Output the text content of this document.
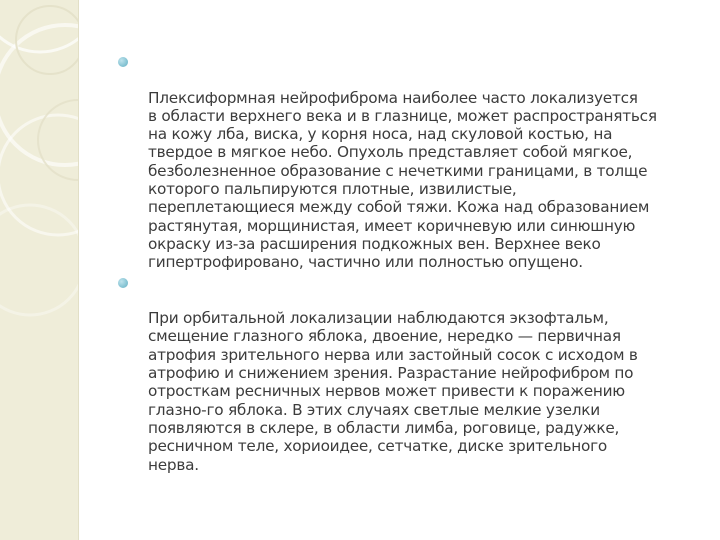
Плексиформная нейрофиброма наиболее часто локализуется
в области верхнего века и в глазнице, может распространяться
на кожу лба, виска, у корня носа, над скуловой костью, на
твердое в мягкое небо. Опухоль представляет собой мягкое,
безболезненное образование с нечеткими границами, в толще
которого пальпируются плотные, извилистые,
переплетающиеся между собой тяжи. Кожа над образованием
растянутая, морщинистая, имеет коричневую или синюшную
окраску из-за расширения подкожных вен. Верхнее веко
гипертрофировано, частично или полностью опущено.

При орбитальной локализации наблюдаются экзофтальм,
смещение глазного яблока, двоение, нередко — первичная
атрофия зрительного нерва или застойный сосок с исходом в
атрофию и снижением зрения. Разрастание нейрофибром по
отросткам ресничных нервов может привести к поражению
глазно-го яблока. В этих случаях светлые мелкие узелки
появляются в склере, в области лимба, роговице, радужке,
ресничном теле, хориоидее, сетчатке, диске зрительного
нерва.
